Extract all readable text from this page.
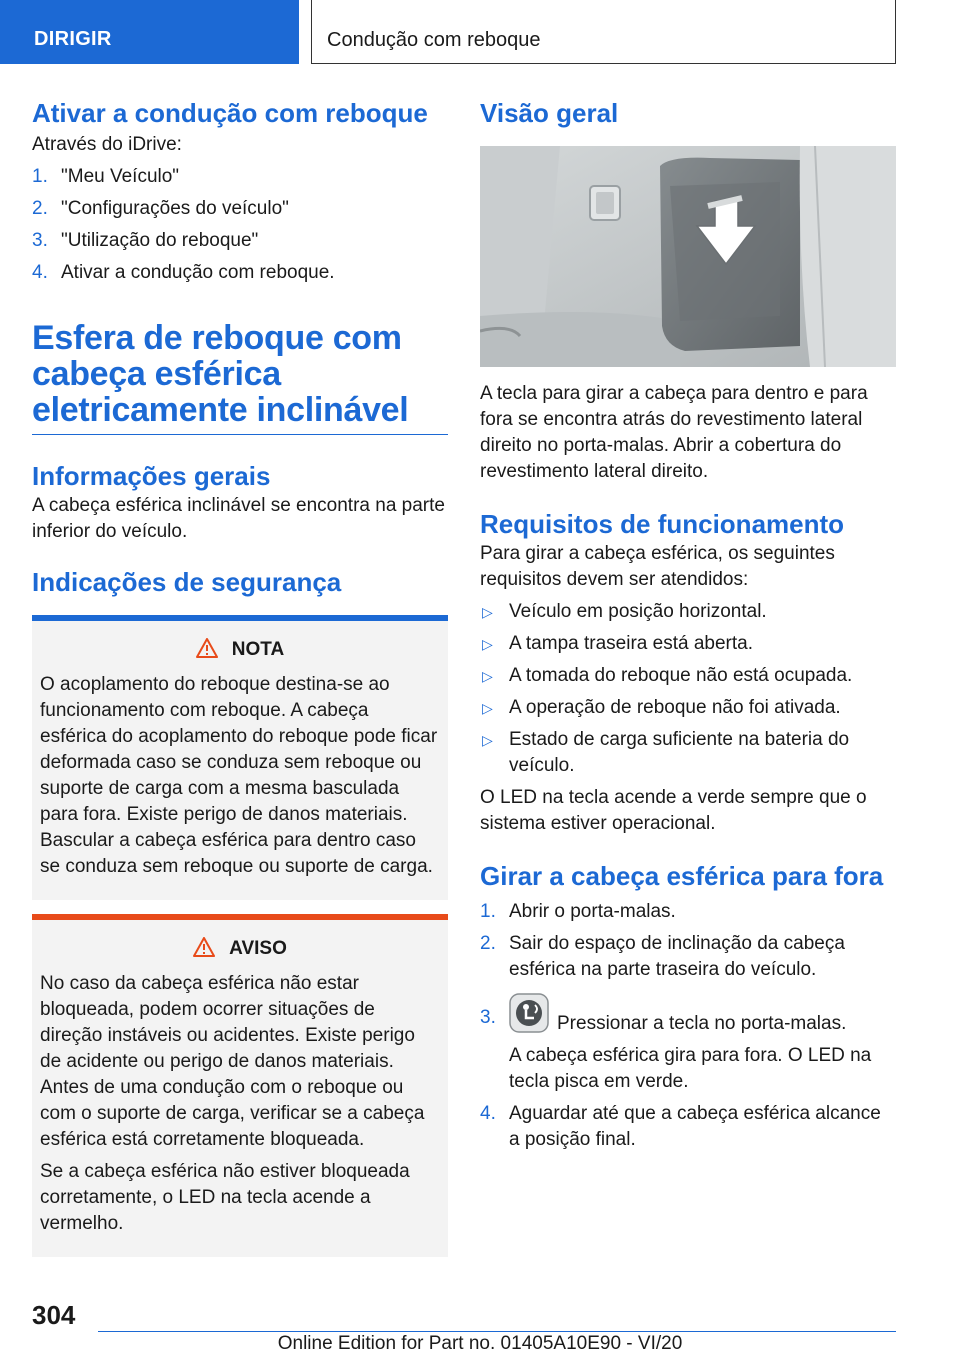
DIRIGIR	Condução com reboque
Ativar a condução com reboque

Através do iDrive:

1. "Meu Veículo"
2. "Configurações do veículo"
3. "Utilização do reboque"
4. Ativar a condução com reboque.
Esfera de reboque com cabeça esférica eletricamente inclinável
Informações gerais

A cabeça esférica inclinável se encontra na parte inferior do veículo.

Indicações de segurança
NOTA

O acoplamento do reboque destina-se ao funcionamento com reboque. A cabeça esférica do acoplamento do reboque pode ficar deformada caso se conduza sem reboque ou suporte de carga com a mesma basculada para fora. Existe perigo de danos materiais. Bascular a cabeça esférica para dentro caso se conduza sem reboque ou suporte de carga.

AVISO

No caso da cabeça esférica não estar bloqueada, podem ocorrer situações de direção instáveis ou acidentes. Existe perigo de acidente ou perigo de danos materiais. Antes de uma condução com o reboque ou com o suporte de carga, verificar se a cabeça esférica está corretamente bloqueada.

Se a cabeça esférica não estiver bloqueada corretamente, o LED na tecla acende a vermelho.

Visão geral

A tecla para girar a cabeça para dentro e para fora se encontra atrás do revestimento lateral direito no porta-malas. Abrir a cobertura do revestimento lateral direito.

Requisitos de funcionamento

Para girar a cabeça esférica, os seguintes requisitos devem ser atendidos:

▷ Veículo em posição horizontal.
▷ A tampa traseira está aberta.
▷ A tomada do reboque não está ocupada.
▷ A operação de reboque não foi ativada.
▷ Estado de carga suficiente na bateria do veículo.

O LED na tecla acende a verde sempre que o sistema estiver operacional.

Girar a cabeça esférica para fora
1. Abrir o porta-malas.
2. Sair do espaço de inclinação da cabeça esférica na parte traseira do veículo.
3.	Pressionar a tecla no porta-malas.

A cabeça esférica gira para fora. O LED na tecla pisca em verde.

4. Aguardar até que a cabeça esférica alcance a posição final.
304
Online Edition for Part no. 01405A10E90 - VI/20
